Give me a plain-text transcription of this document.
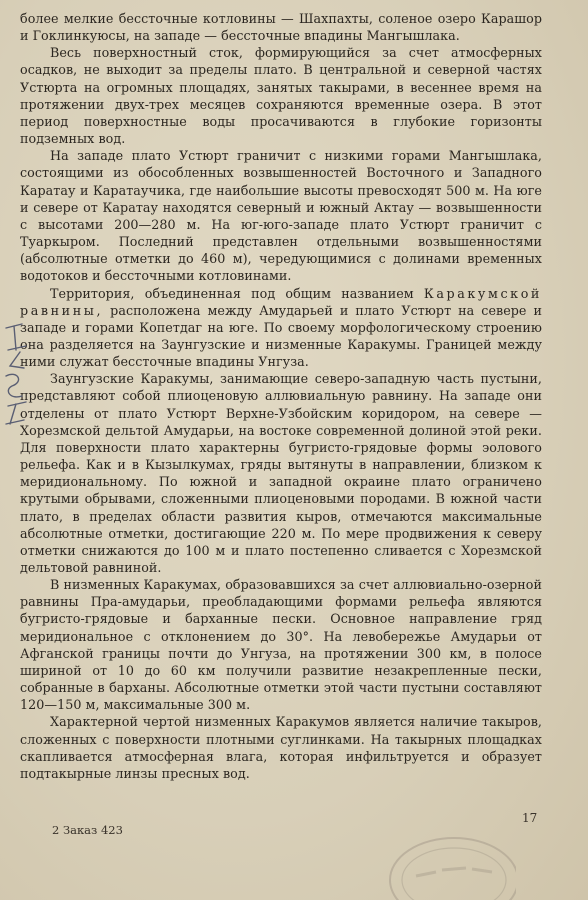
более мелкие бессточные котловины — Шахпахты, соленое озеро Карашор и Гоклинкуюсы, на западе — бессточные впадины Мангышлака.

Весь поверхностный сток, формирующийся за счет атмосферных осадков, не выходит за пределы плато. В центральной и северной частях Устюрта на огромных площадях, занятых такырами, в весеннее время на протяжении двух-трех месяцев сохраняются временные озера. В этот период поверхностные воды просачиваются в глубокие горизонты подземных вод.

На западе плато Устюрт граничит с низкими горами Мангышлака, состоящими из обособленных возвышенностей Восточного и Западного Каратау и Каратаучика, где наибольшие высоты превосходят 500 м. На юге и севере от Каратау находятся северный и южный Актау — возвышенности с высотами 200—280 м. На юг-юго-западе плато Устюрт граничит с Туаркыром. Последний представлен отдельными возвышенностями (абсолютные отметки до 460 м), чередующимися с долинами временных водотоков и бессточными котловинами.

Территория, объединенная под общим названием Каракумской равнины, расположена между Амударьей и плато Устюрт на севере и западе и горами Копетдаг на юге. По своему морфологическому строению она разделяется на Заунгузские и низменные Каракумы. Границей между ними служат бессточные впадины Унгуза.

Заунгузские Каракумы, занимающие северо-западную часть пустыни, представляют собой плиоценовую аллювиальную равнину. На западе они отделены от плато Устюрт Верхне-Узбойским коридором, на севере — Хорезмской дельтой Амударьи, на востоке современной долиной этой реки. Для поверхности плато характерны бугристо-грядовые формы эолового рельефа. Как и в Кызылкумах, гряды вытянуты в направлении, близком к меридиональному. По южной и западной окраине плато ограничено крутыми обрывами, сложенными плиоценовыми породами. В южной части плато, в пределах области развития кыров, отмечаются максимальные абсолютные отметки, достигающие 220 м. По мере продвижения к северу отметки снижаются до 100 м и плато постепенно сливается с Хорезмской дельтовой равниной.

В низменных Каракумах, образовавшихся за счет аллювиально-озерной равнины Пра-амударьи, преобладающими формами рельефа являются бугристо-грядовые и барханные пески. Основное направление гряд меридиональное с отклонением до 30°. На левобережье Амударьи от Афганской границы почти до Унгуза, на протяжении 300 км, в полосе шириной от 10 до 60 км получили развитие незакрепленные пески, собранные в барханы. Абсолютные отметки этой части пустыни составляют 120—150 м, максимальные 300 м.

Характерной чертой низменных Каракумов является наличие такыров, сложенных с поверхности плотными суглинками. На такырных площадках скапливается атмосферная влага, которая инфильтруется и образует подтакырные линзы пресных вод.

2 Заказ 423
17
